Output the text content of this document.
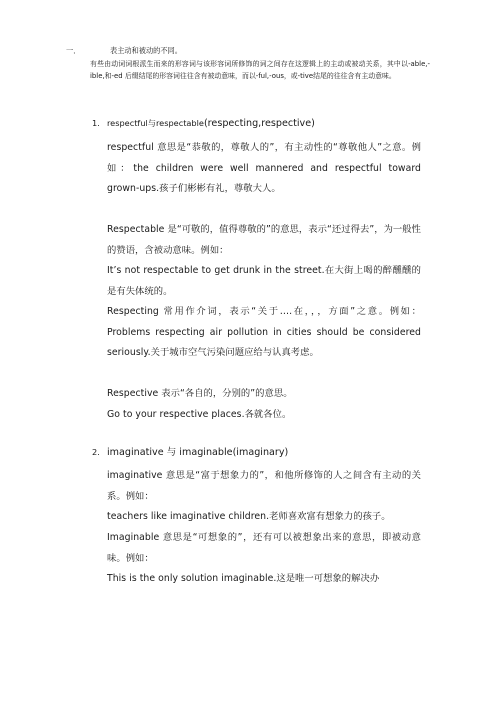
一．	表主动和被动的不同。

有些由动词词根派生而来的形容词与该形容词所修饰的词之间存在这逻辑上的主动或被动关系，其中以-able,-ible,和-ed 后缀结尾的形容词往往含有被动意味，而以-ful,-ous，或-tive结尾的往往含有主动意味。

1. respectful与respectable(respecting,respective)

respectful 意思是“恭敬的，尊敬人的”，有主动性的“尊敬他人”之意。例如：the children were well mannered and respectful toward grown-ups.孩子们彬彬有礼，尊敬大人。

Respectable 是“可敬的，值得尊敬的”的意思，表示“还过得去”，为一般性的赞语，含被动意味。例如：

It’s not respectable to get drunk in the street.在大街上喝的醉醺醺的是有失体统的。

Respecting 常用作介词，表示“关于….在，，，方面”之意。例如：Problems respecting air pollution in cities should be considered seriously.关于城市空气污染问题应给与认真考虑。

Respective 表示“各自的，分别的”的意思。

Go to your respective places.各就各位。

2. imaginative 与 imaginable(imaginary)

imaginative 意思是“富于想象力的”，和他所修饰的人之间含有主动的关系。例如：

teachers like imaginative children.老师喜欢富有想象力的孩子。

Imaginable 意思是“可想象的”，还有可以被想象出来的意思，即被动意味。例如：

This is the only solution imaginable.这是唯一可想象的解决办
